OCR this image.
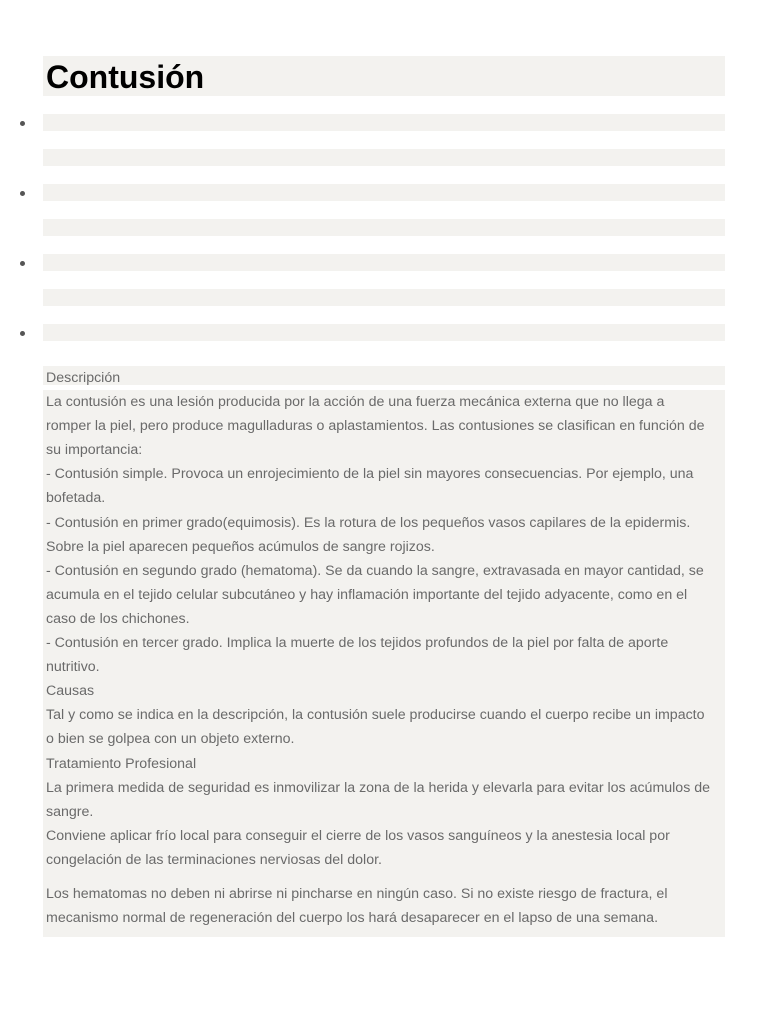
Contusión

Descripción

La contusión es una lesión producida por la acción de una fuerza mecánica externa que no llega a

romper la piel, pero produce magulladuras o aplastamientos. Las contusiones se clasifican en función de

su importancia:

- Contusión simple. Provoca un enrojecimiento de la piel sin mayores consecuencias. Por ejemplo, una

bofetada.

- Contusión en primer grado(equimosis). Es la rotura de los pequeños vasos capilares de la epidermis.

Sobre la piel aparecen pequeños acúmulos de sangre rojizos.

- Contusión en segundo grado (hematoma). Se da cuando la sangre, extravasada en mayor cantidad, se

acumula en el tejido celular subcutáneo y hay inflamación importante del tejido adyacente, como en el

caso de los chichones.

- Contusión en tercer grado. Implica la muerte de los tejidos profundos de la piel por falta de aporte

nutritivo.

Causas

Tal y como se indica en la descripción, la contusión suele producirse cuando el cuerpo recibe un impacto

o bien se golpea con un objeto externo.

Tratamiento Profesional

La primera medida de seguridad es inmovilizar la zona de la herida y elevarla para evitar los acúmulos de

sangre.

Conviene aplicar frío local para conseguir el cierre de los vasos sanguíneos y la anestesia local por

congelación de las terminaciones nerviosas del dolor.

Los hematomas no deben ni abrirse ni pincharse en ningún caso. Si no existe riesgo de fractura, el

mecanismo normal de regeneración del cuerpo los hará desaparecer en el lapso de una semana.
